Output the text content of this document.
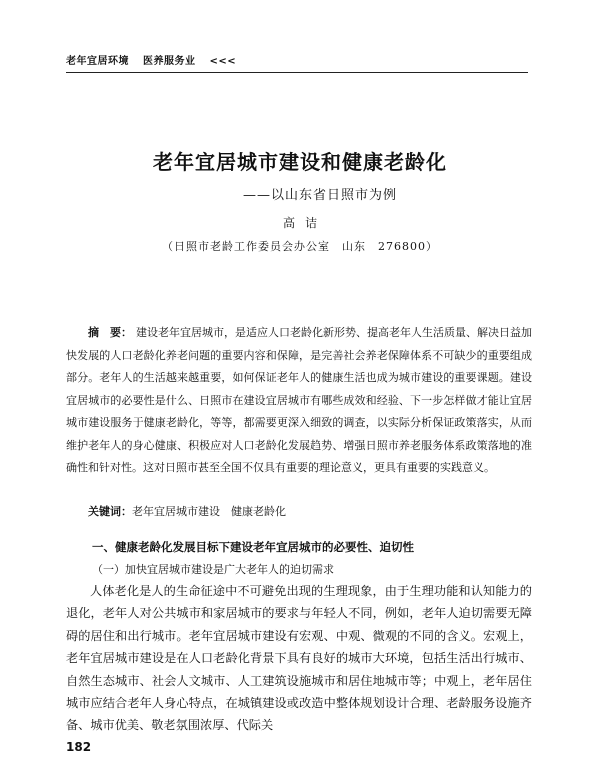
老年宜居环境 医养服务业 <<<
老年宜居城市建设和健康老龄化
——以山东省日照市为例
高诘
（日照市老龄工作委员会办公室　山东　276800）

摘　要： 建设老年宜居城市，是适应人口老龄化新形势、提高老年人生活质量、解决日益加快发展的人口老龄化养老问题的重要内容和保障，是完善社会养老保障体系不可缺少的重要组成部分。老年人的生活越来越重要，如何保证老年人的健康生活也成为城市建设的重要课题。建设宜居城市的必要性是什么、日照市在建设宜居城市有哪些成效和经验、下一步怎样做才能让宜居城市建设服务于健康老龄化，等等，都需要更深入细致的调查，以实际分析保证政策落实，从而维护老年人的身心健康、积极应对人口老龄化发展趋势、增强日照市养老服务体系政策落地的准确性和针对性。这对日照市甚至全国不仅具有重要的理论意义，更具有重要的实践意义。

关键词：老年宜居城市建设　健康老龄化
一、健康老龄化发展目标下建设老年宜居城市的必要性、迫切性
（一）加快宜居城市建设是广大老年人的迫切需求

人体老化是人的生命征途中不可避免出现的生理现象，由于生理功能和认知能力的退化，老年人对公共城市和家居城市的要求与年轻人不同，例如，老年人迫切需要无障碍的居住和出行城市。老年宜居城市建设有宏观、中观、微观的不同的含义。宏观上，老年宜居城市建设是在人口老龄化背景下具有良好的城市大环境，包括生活出行城市、自然生态城市、社会人文城市、人工建筑设施城市和居住地城市等；中观上，老年居住城市应结合老年人身心特点，在城镇建设或改造中整体规划设计合理、老龄服务设施齐备、城市优美、敬老氛围浓厚、代际关

182
